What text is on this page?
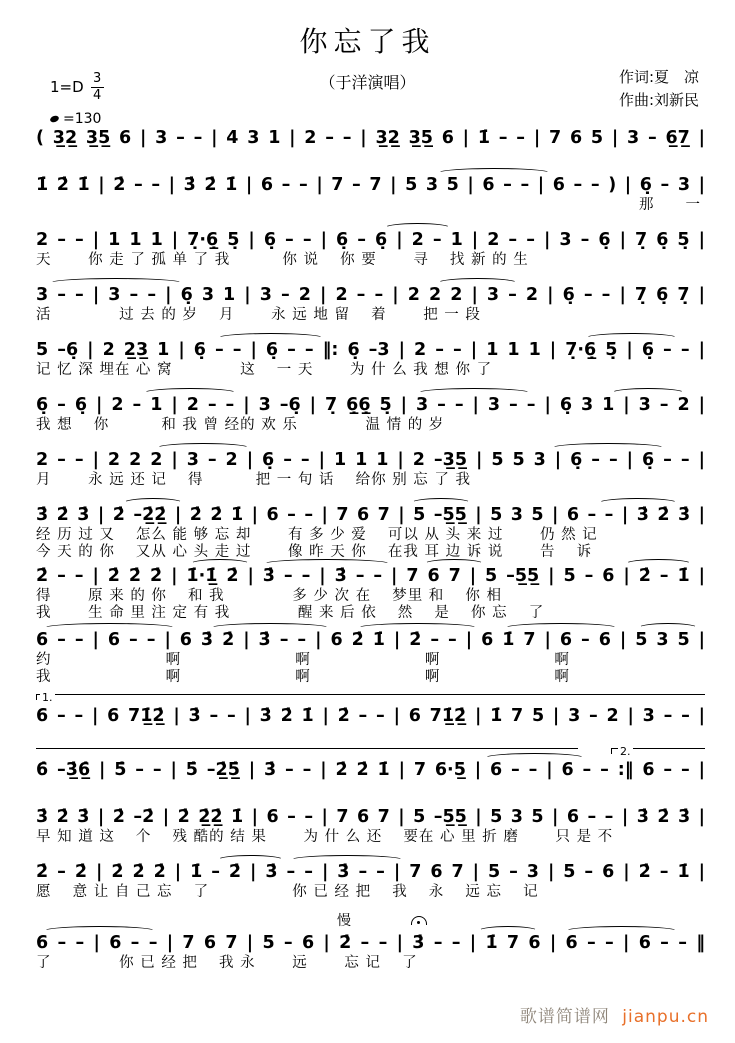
你忘了我
（于洋演唱）
$1=D \frac{3}{4}$
=130
作词:夏　凉
作曲:刘新民
( 3̲2̲ 3̲5̲ 6 | 3 – – | 4 3 1 | 2 – – | 3̲2̲ 3̲5̲ 6 | 1̇ – – | 7 6 5 | 3 – 6̲7̲ |
1̇ 2̇ 1̇ | 2̇ – – | 3̇ 2̇ 1̇ | 6 – – | 7 – 7 | 5 3 5 | 6 – – | 6 – – ) | 6̣ – 3 |
那　　一
2 – – | 1 1 1 | 7̣·6̲̣ 5̣ | 6̣ – – | 6̣ – 6̣ | 2 – 1 | 2 – – | 3 – 6̣ | 7̣ 6̣ 5̣ |
天　　 你 走 了 孤 单 了 我　　　 你 说　 你 要　　 寻　 找 新 的 生
3 – – | 3 – – | 6̣ 3 1 | 3 – 2 | 2 – – | 2 2 2 | 3 – 2 | 6̣ – – | 7̣ 6̣ 7̣ |
活　　　　 过 去 的 岁　 月　　 永 远 地 留　 着　　 把 一 段
5 –6̣ | 2 2̲3̲ 1 | 6̣ – – | 6̣ – – ‖: 6̣ –3 | 2 – – | 1 1 1 | 7̣·6̲̣ 5̣ | 6̣ – – |
记 忆 深 埋在 心 窝　　　　 这　 一 天　　 为 什 么 我 想 你 了
6̣ – 6̣ | 2 – 1 | 2 – – | 3 –6̣ | 7̣ 6̲̣6̲̣ 5̣ | 3 – – | 3 – – | 6̣ 3 1 | 3 – 2 |
我 想　 你　　　 和 我 曾 经的 欢 乐　　　　 温 情 的 岁
2 – – | 2 2 2 | 3 – 2 | 6̣ – – | 1 1 1 | 2 –3̲5̲ | 5 5 3 | 6̣ – – | 6̣ – – |
月　　 永 远 还 记　 得　　　 把 一 句 话　 给你 别 忘 了 我
3̇ 2̇ 3̇ | 2̇ –2̲̇2̲̇ | 2̇ 2̇ 1̇ | 6 – – | 7 6 7 | 5 –5̲5̲ | 5 3 5 | 6 – – | 3̇ 2̇ 3̇ |
经 历 过 又　 怎么 能 够 忘 却　　 有 多 少 爱　 可以 从 头 来 过　　 仍 然 记
今 天 的 你　 又从 心 头 走 过　　 像 昨 天 你　 在我 耳 边 诉 说　　 告　 诉
2̇ – – | 2̇ 2̇ 2̇ | 1̇·1̲̇ 2̇ | 3̇ – – | 3̇ – – | 7 6 7 | 5 –5̲5̲ | 5 – 6 | 2̇ – 1̇ |
得　　 原 来 的 你　 和 我　　　　 多 少 次 在　 梦里 和　 你 相
我　　 生 命 里 注 定 有 我　　　　 醒 来 后 依　 然　 是　 你 忘　 了
6 – – | 6 – – | 6 3̇ 2̇ | 3̇ – – | 6 2̇ 1̇ | 2̇ – – | 6 1̇ 7 | 6 – 6 | 5 3 5 |
约　　　　　　　 啊　　　　　　　 啊　　　　　　　 啊　　　　　　　 啊
我　　　　　　　 啊　　　　　　　 啊　　　　　　　 啊　　　　　　　 啊
1.
6 – – | 6 71̲̇2̲̇ | 3̇ – – | 3̇ 2̇ 1̇ | 2̇ – – | 6 71̲̇2̲̇ | 1̇ 7 5 | 3 – 2 | 3 – – |
2.
6̇ –3̲̇6̲̇ | 5̇ – – | 5̇ –2̲̇5̲̇ | 3̇ – – | 2̇ 2̇ 1̇ | 7 6·5̲ | 6 – – | 6 – – :‖ 6 – – |
3̇ 2̇ 3̇ | 2̇ –2̇ | 2̇ 2̲̇2̲̇ 1̇ | 6 – – | 7 6 7 | 5 –5̲5̲ | 5 3 5 | 6 – – | 3̇ 2̇ 3̇ |
早 知 道 这　 个　 残 酷的 结 果　　 为 什 么 还　 要在 心 里 折 磨　　 只 是 不
2̇ – 2̇ | 2̇ 2̇ 2̇ | 1̇ – 2̇ | 3̇ – – | 3̇ – – | 7 6 7 | 5 – 3 | 5 – 6 | 2̇ – 1̇ |
愿　 意 让 自 己 忘　 了　　　　　 你 已 经 把　 我　 永　 远 忘　 记
慢
6 – – | 6 – – | 7 6 7 | 5 – 6 | 2̇ – – | 3̇ – – | 1̇ 7 6 | 6 – – | 6 – – ‖
了　　　　 你 已 经 把　 我 永　　 远　　 忘 记　 了
歌谱简谱网 jianpu.cn
